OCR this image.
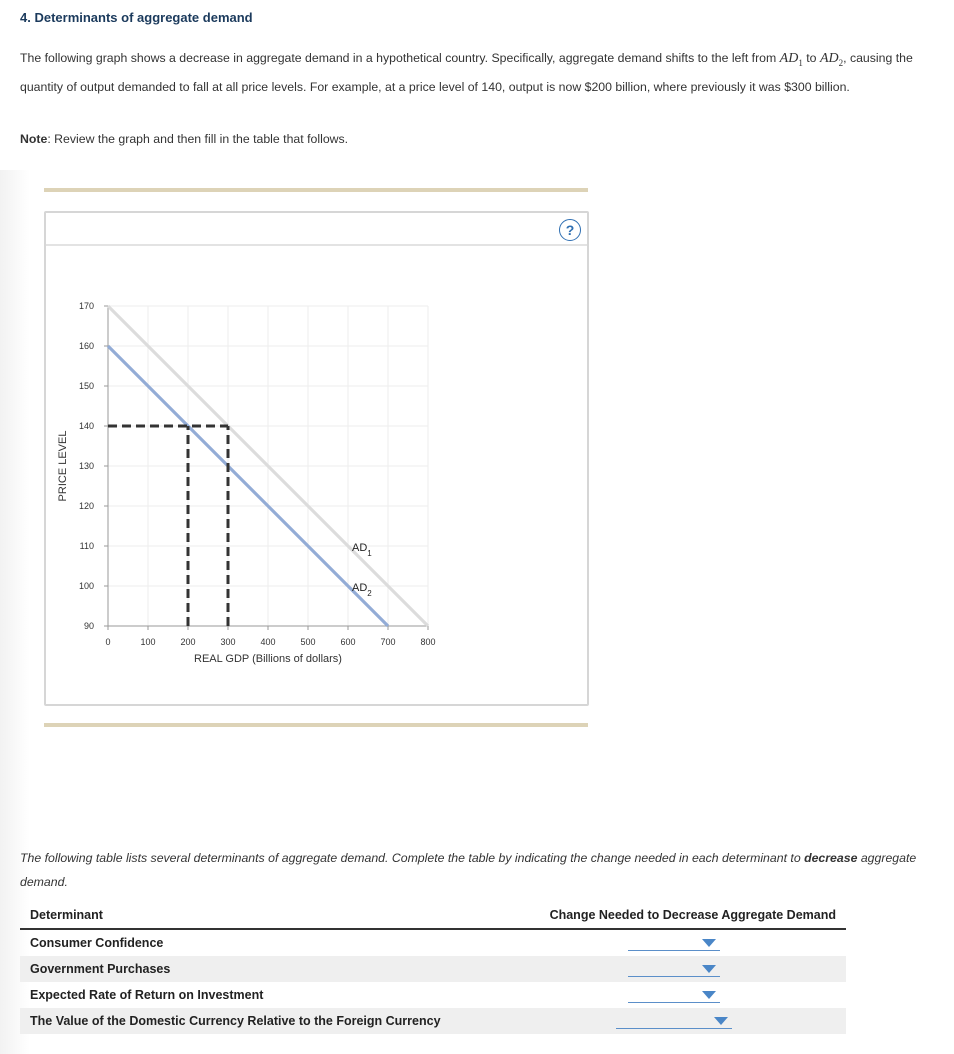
4. Determinants of aggregate demand

The following graph shows a decrease in aggregate demand in a hypothetical country. Specifically, aggregate demand shifts to the left from $AD_1$ to $AD_2$, causing the quantity of output demanded to fall at all price levels. For example, at a price level of 140, output is now $200 billion, where previously it was $300 billion.

Note: Review the graph and then fill in the table that follows.

?
90
100
110
120
130
140
150
160
170
0	100	200	300	400	500	600	700	800
REAL GDP (Billions of dollars)
PRICE LEVEL
$AD_1$
$AD_2$

The following table lists several determinants of aggregate demand. Complete the table by indicating the change needed in each determinant to decrease aggregate demand.

Determinant	Change Needed to Decrease Aggregate Demand
Consumer Confidence
Government Purchases
Expected Rate of Return on Investment
The Value of the Domestic Currency Relative to the Foreign Currency
